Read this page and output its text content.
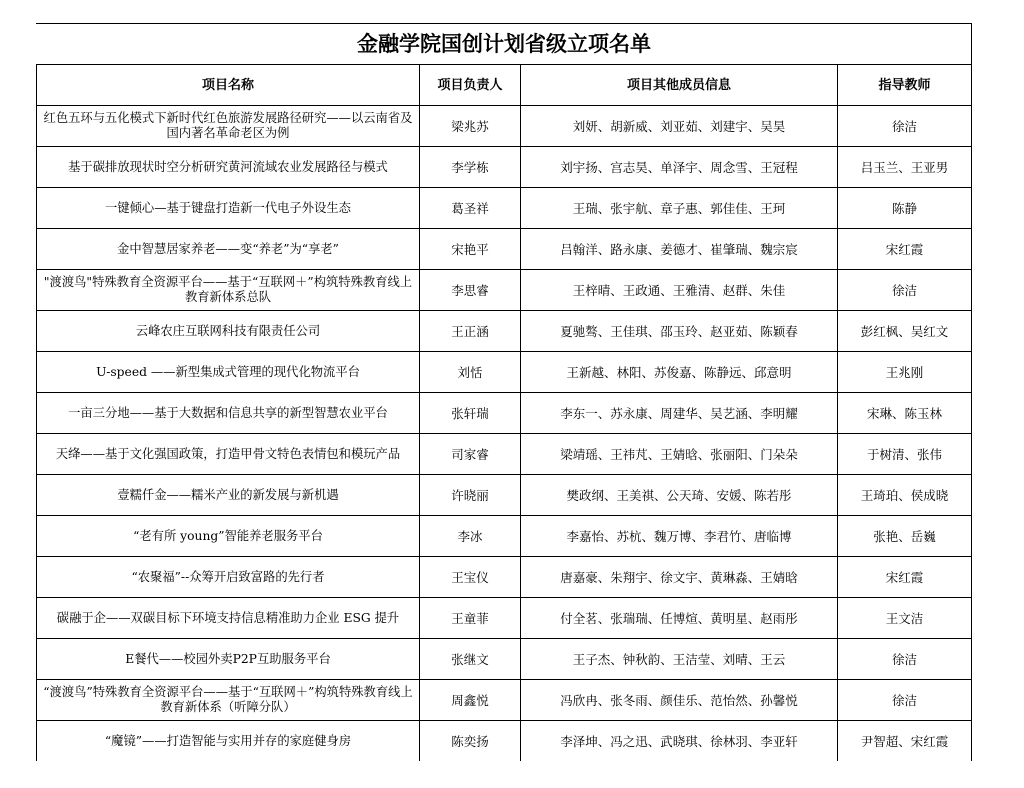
金融学院国创计划省级立项名单			
项目名称	项目负责人	项目其他成员信息	指导教师
红色五环与五化模式下新时代红色旅游发展路径研究——以云南省及国内著名革命老区为例	梁兆苏	刘妍、胡新威、刘亚茹、刘建宇、吴昊	徐洁
基于碳排放现状时空分析研究黄河流域农业发展路径与模式	李学栋	刘宇扬、宫志昊、单泽宇、周念雪、王冠程	吕玉兰、王亚男
一键倾心—基于键盘打造新一代电子外设生态	葛圣祥	王瑞、张宇航、章子惠、郭佳佳、王珂	陈静
金中智慧居家养老——变“养老”为“享老”	宋艳平	吕翰洋、路永康、姜德才、崔肇瑞、魏宗宸	宋红霞
"渡渡鸟"特殊教育全资源平台——基于“互联网＋”构筑特殊教育线上教育新体系总队	李思睿	王梓晴、王政通、王雅清、赵群、朱佳	徐洁
云峰农庄互联网科技有限责任公司	王正涵	夏驰骜、王佳琪、邵玉玲、赵亚茹、陈颖春	彭红枫、吴红文
U-speed ——新型集成式管理的现代化物流平台	刘恬	王新越、林阳、苏俊嘉、陈静远、邱意明	王兆刚
一亩三分地——基于大数据和信息共享的新型智慧农业平台	张轩瑞	李东一、苏永康、周建华、吴艺涵、李明耀	宋琳、陈玉林
天绛——基于文化强国政策，打造甲骨文特色表情包和模玩产品	司家睿	梁靖瑶、王祎芃、王婧晗、张丽阳、门朵朵	于树清、张伟
壹糯仟金——糯米产业的新发展与新机遇	许晓丽	樊政纲、王美祺、公天琦、安媛、陈若彤	王琦珀、侯成晓
“老有所 young”智能养老服务平台	李冰	李嘉怡、苏杭、魏万博、李君竹、唐临博	张艳、岳巍
“农聚福”--众筹开启致富路的先行者	王宝仪	唐嘉豪、朱翔宇、徐文宇、黄琳淼、王婧晗	宋红霞
碳融于企——双碳目标下环境支持信息精准助力企业 ESG 提升	王童菲	付全茗、张瑞瑞、任博煊、黄明星、赵雨彤	王文洁
E餐代——校园外卖P2P互助服务平台	张继文	王子杰、钟秋韵、王洁莹、刘晴、王云	徐洁
“渡渡鸟”特殊教育全资源平台——基于“互联网＋”构筑特殊教育线上教育新体系（听障分队）	周鑫悦	冯欣冉、张冬雨、颜佳乐、范怡然、孙馨悦	徐洁
“魔镜”——打造智能与实用并存的家庭健身房	陈奕扬	李泽坤、冯之迅、武晓琪、徐林羽、李亚轩	尹智超、宋红霞
